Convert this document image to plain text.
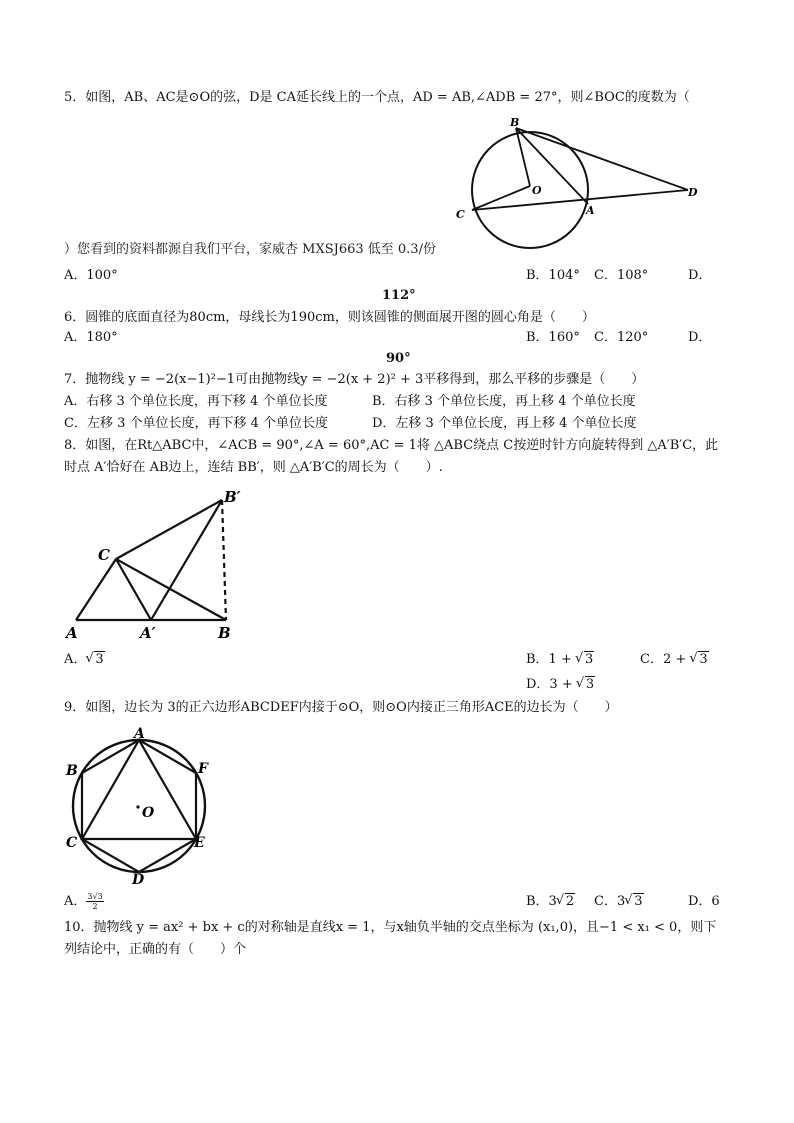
5．如图，AB、AC是⊙O的弦，D是 CA延长线上的一个点，AD = AB,∠ADB = 27°，则∠BOC的度数为（
B
O
C	A
D
）您看到的资料都源自我们平台，家威杏 MXSJ663 低至 0.3/份
A．100°	B．104° C．108°	D．
112°
6．圆锥的底面直径为80cm，母线长为190cm，则该圆锥的侧面展开图的圆心角是（　　）
A．180°	B．160° C．120°	D．
90°
7．抛物线 y = −2(x−1)²−1可由抛物线y = −2(x + 2)² + 3平移得到，那么平移的步骤是（　　）
A．右移 3 个单位长度，再下移 4 个单位长度	B．右移 3 个单位长度，再上移 4 个单位长度
C．左移 3 个单位长度，再下移 4 个单位长度	D．左移 3 个单位长度，再上移 4 个单位长度
8．如图，在Rt△ABC中，∠ACB = 90°,∠A = 60°,AC = 1将 △ABC绕点 C按逆时针方向旋转得到 △A′B′C，此
时点 A′恰好在 AB边上，连结 BB′，则 △A′B′C的周长为（　　）.
B′
C
A	A′	B
A． √ 3	B．1 + √ 3	C．2 + √ 3
D．3 + √ 3
9．如图，边长为 3的正六边形ABCDEF内接于⊙O，则⊙O内接正三角形ACE的边长为（　　）
A
B	F
O
C	E
D
A． $\frac{3√3}{2}$	B．3 √ 2 C．3 √ 3	D．6
10．抛物线 y = ax² + bx + c的对称轴是直线x = 1，与x轴负半轴的交点坐标为 (x₁,0)，且−1 < x₁ < 0，则下
列结论中，正确的有（　　）个
